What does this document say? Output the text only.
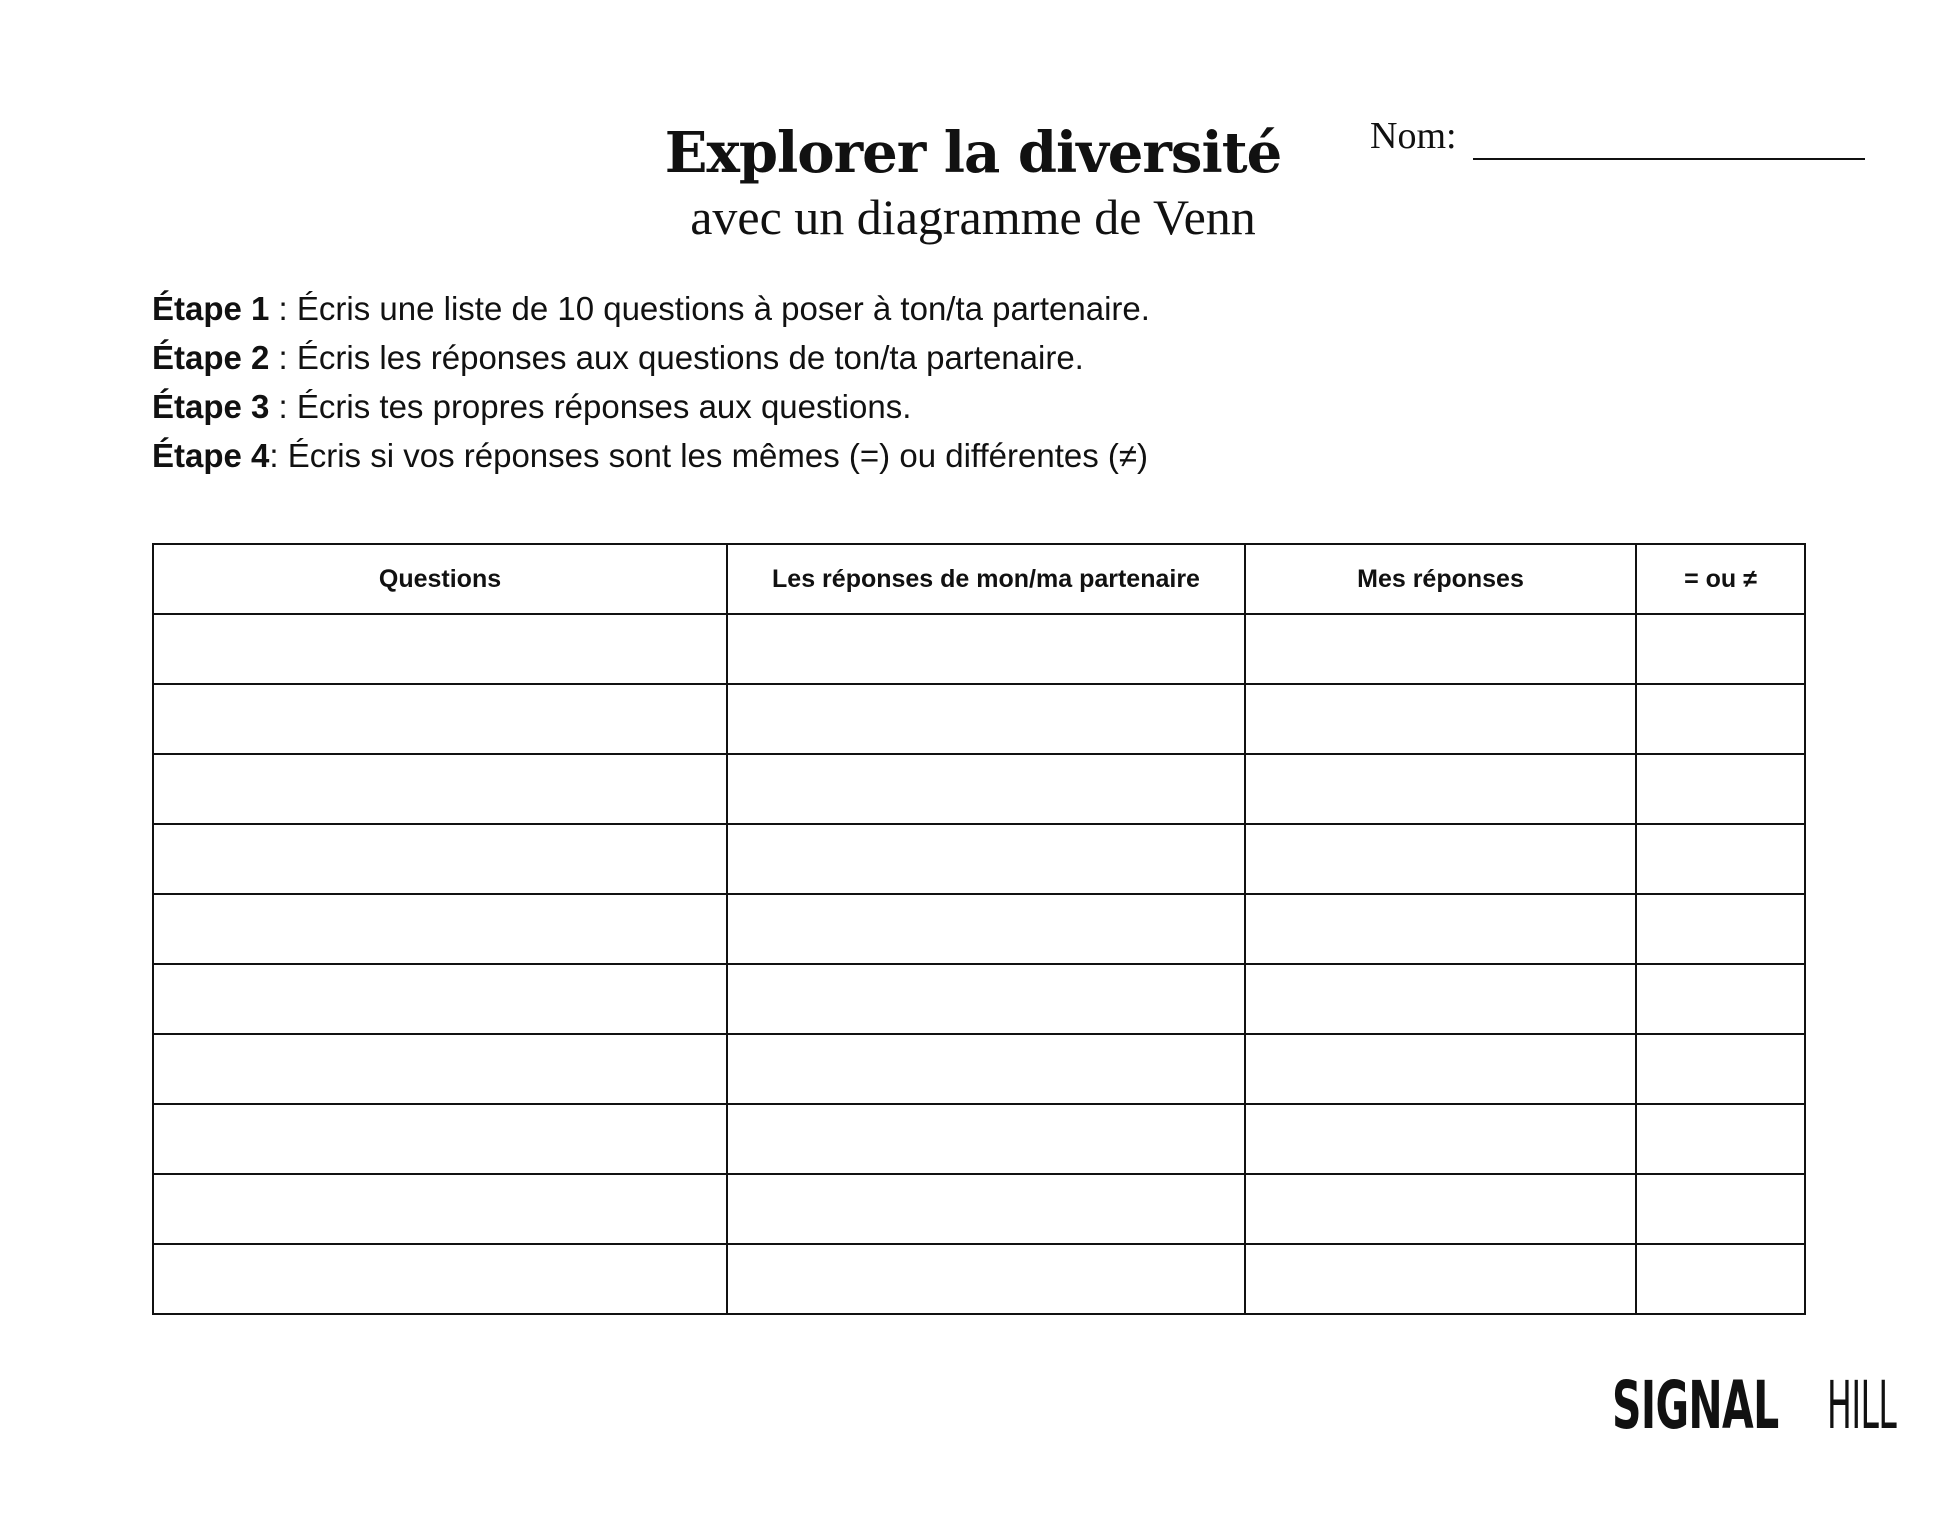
Explorer la diversité
avec un diagramme de Venn
Nom:
Étape 1 : Écris une liste de 10 questions à poser à ton/ta partenaire.
Étape 2 : Écris les réponses aux questions de ton/ta partenaire.
Étape 3 : Écris tes propres réponses aux questions.
Étape 4: Écris si vos réponses sont les mêmes (=) ou différentes (≠)
Questions	Les réponses de mon/ma partenaire	Mes réponses	= ou ≠

SIGNAL HILL
